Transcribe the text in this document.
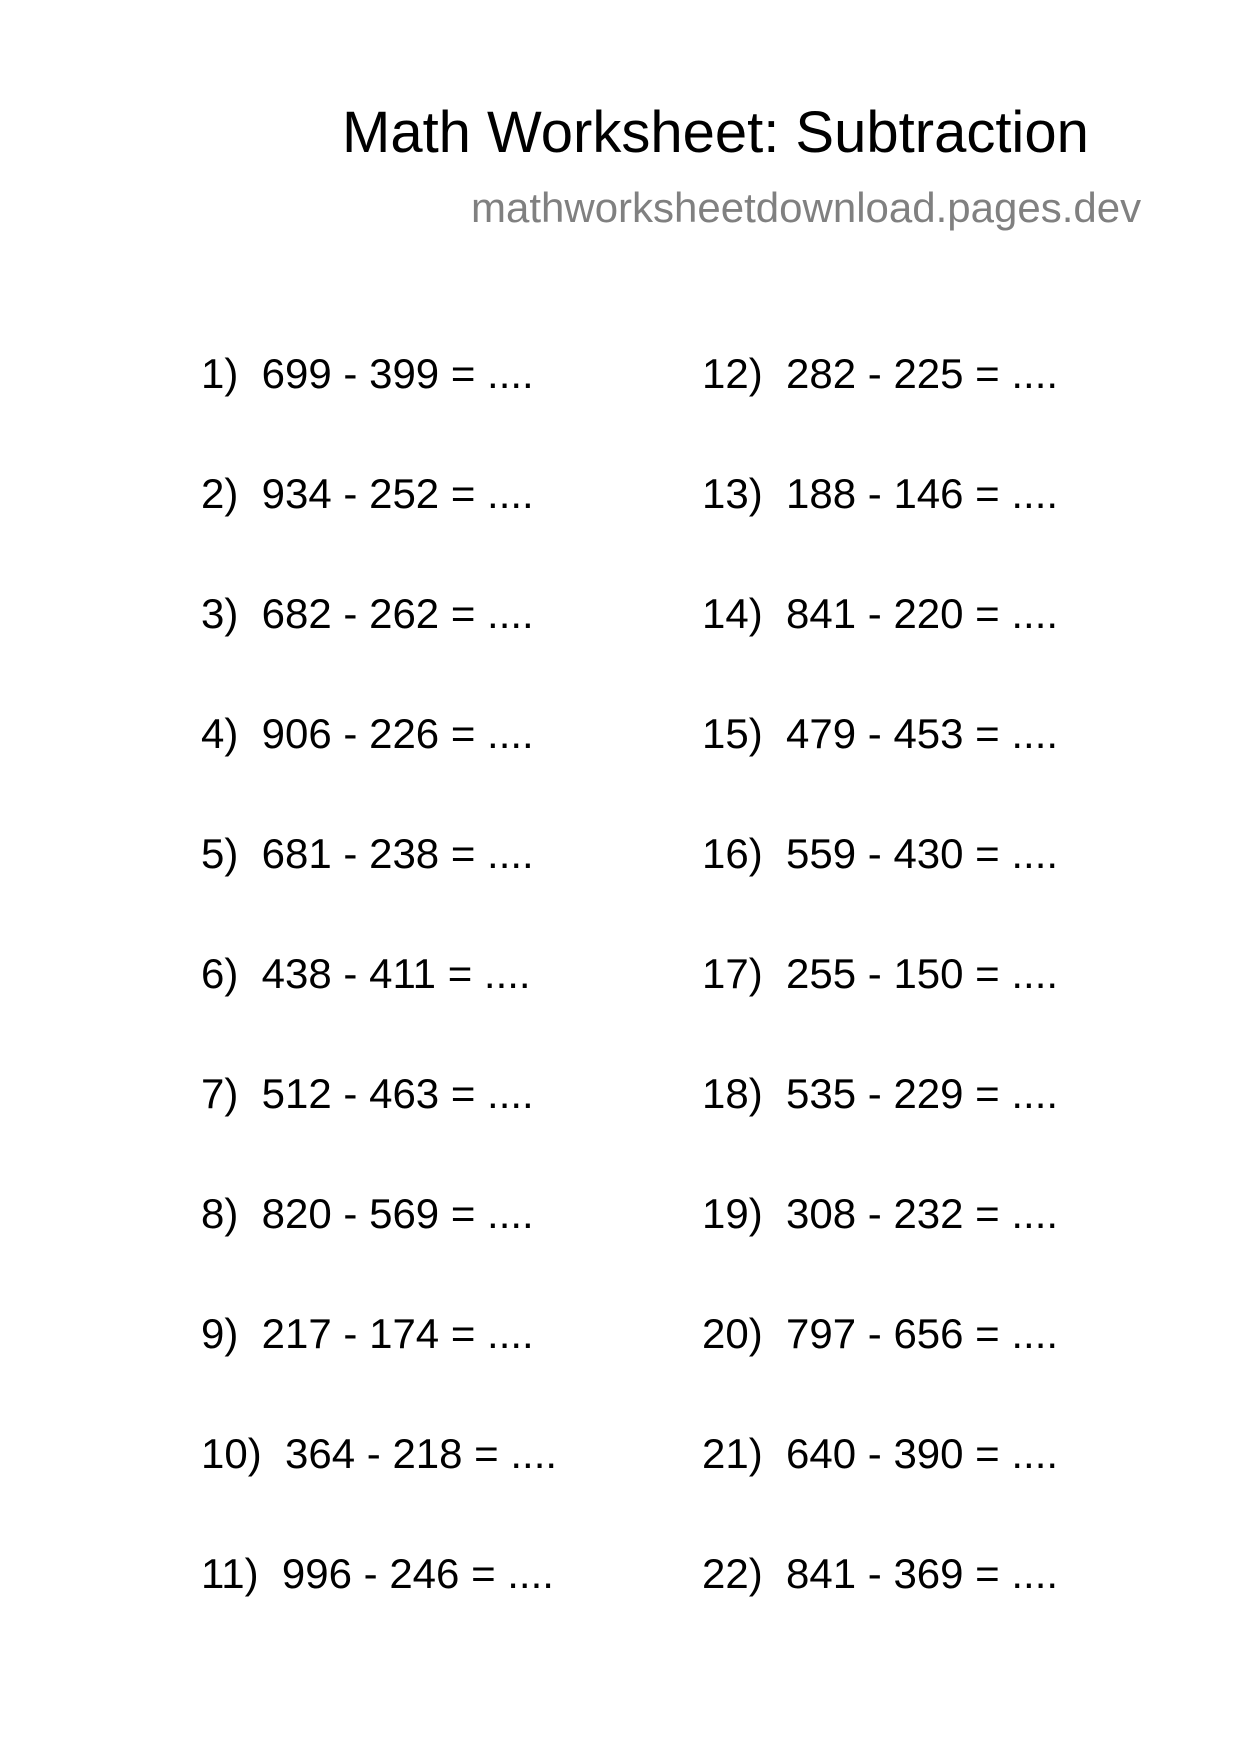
Math Worksheet: Subtraction
mathworksheetdownload.pages.dev
1)  699 - 399 = ....
2)  934 - 252 = ....
3)  682 - 262 = ....
4)  906 - 226 = ....
5)  681 - 238 = ....
6)  438 - 411 = ....
7)  512 - 463 = ....
8)  820 - 569 = ....
9)  217 - 174 = ....
10)  364 - 218 = ....
11)  996 - 246 = ....
12)  282 - 225 = ....
13)  188 - 146 = ....
14)  841 - 220 = ....
15)  479 - 453 = ....
16)  559 - 430 = ....
17)  255 - 150 = ....
18)  535 - 229 = ....
19)  308 - 232 = ....
20)  797 - 656 = ....
21)  640 - 390 = ....
22)  841 - 369 = ....
